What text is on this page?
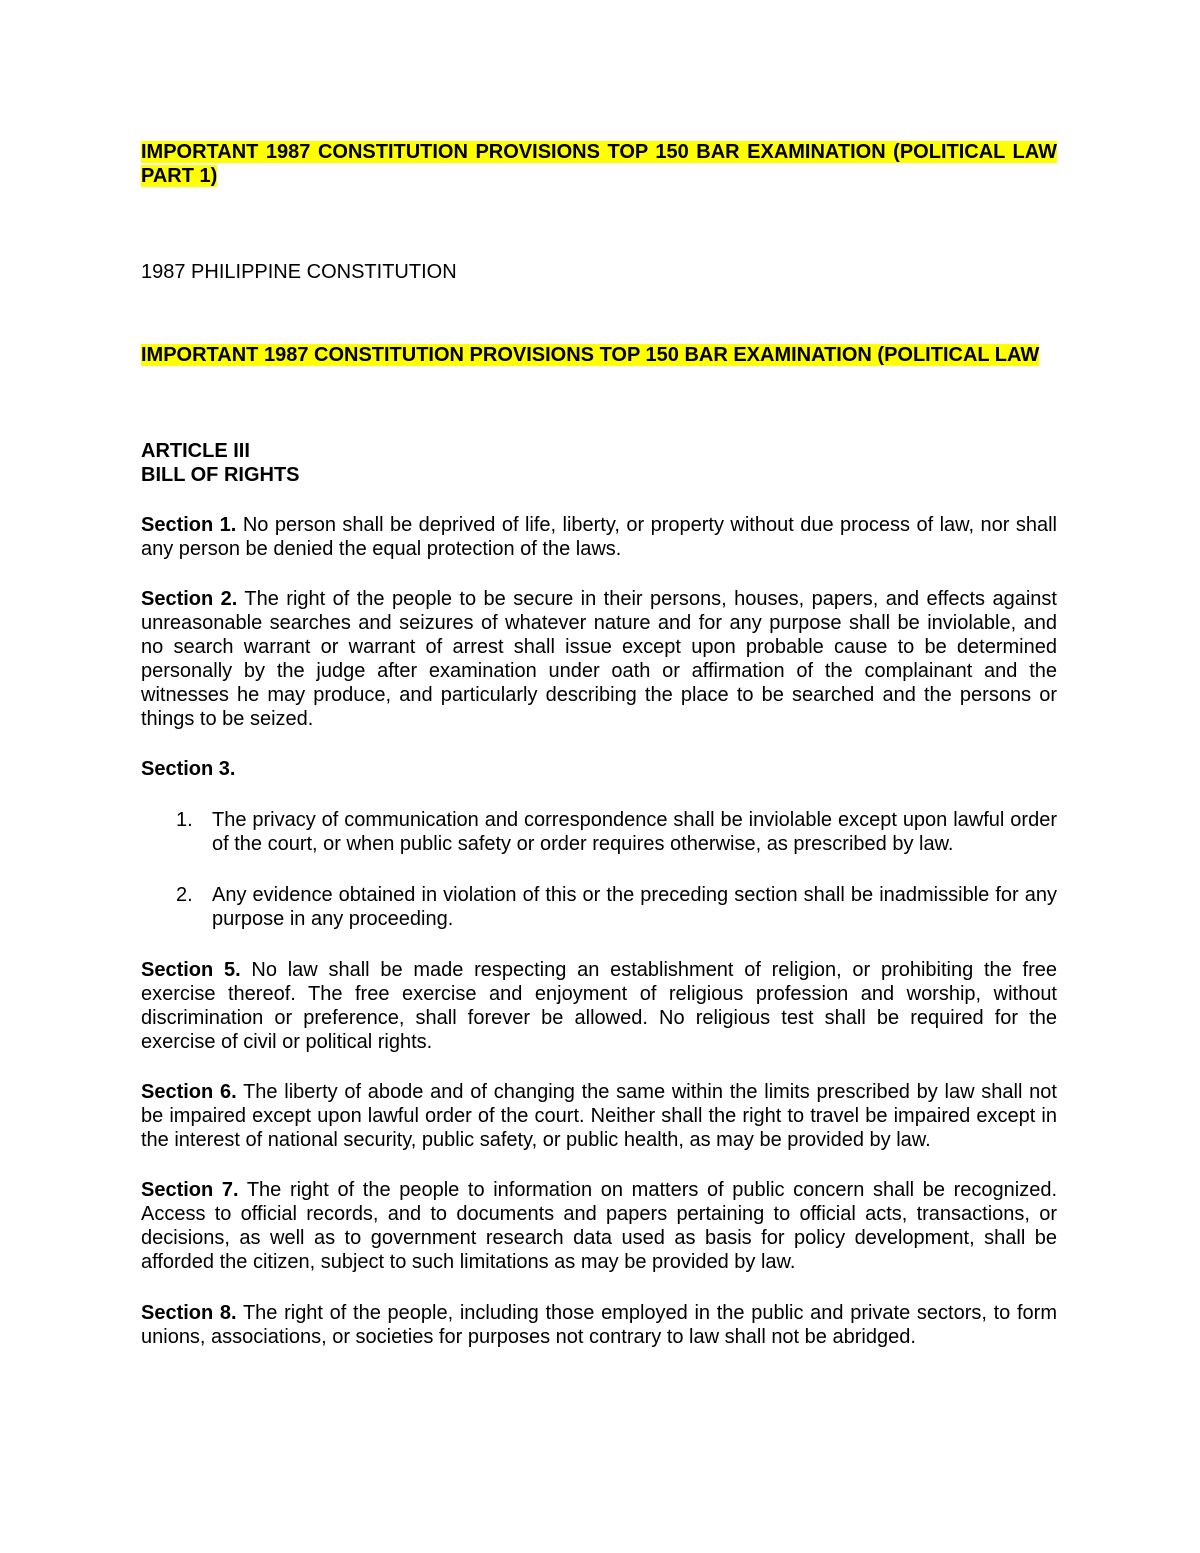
IMPORTANT 1987 CONSTITUTION PROVISIONS TOP 150 BAR EXAMINATION (POLITICAL LAW PART 1)

1987 PHILIPPINE CONSTITUTION

IMPORTANT 1987 CONSTITUTION PROVISIONS TOP 150 BAR EXAMINATION (POLITICAL LAW

ARTICLE III

BILL OF RIGHTS

Section 1. No person shall be deprived of life, liberty, or property without due process of law, nor shall any person be denied the equal protection of the laws.

Section 2. The right of the people to be secure in their persons, houses, papers, and effects against unreasonable searches and seizures of whatever nature and for any purpose shall be inviolable, and no search warrant or warrant of arrest shall issue except upon probable cause to be determined personally by the judge after examination under oath or affirmation of the complainant and the witnesses he may produce, and particularly describing the place to be searched and the persons or things to be seized.

Section 3.

1. The privacy of communication and correspondence shall be inviolable except upon lawful order of the court, or when public safety or order requires otherwise, as prescribed by law.
2. Any evidence obtained in violation of this or the preceding section shall be inadmissible for any purpose in any proceeding.

Section 5. No law shall be made respecting an establishment of religion, or prohibiting the free exercise thereof. The free exercise and enjoyment of religious profession and worship, without discrimination or preference, shall forever be allowed. No religious test shall be required for the exercise of civil or political rights.

Section 6. The liberty of abode and of changing the same within the limits prescribed by law shall not be impaired except upon lawful order of the court. Neither shall the right to travel be impaired except in the interest of national security, public safety, or public health, as may be provided by law.

Section 7. The right of the people to information on matters of public concern shall be recognized. Access to official records, and to documents and papers pertaining to official acts, transactions, or decisions, as well as to government research data used as basis for policy development, shall be afforded the citizen, subject to such limitations as may be provided by law.

Section 8. The right of the people, including those employed in the public and private sectors, to form unions, associations, or societies for purposes not contrary to law shall not be abridged.
